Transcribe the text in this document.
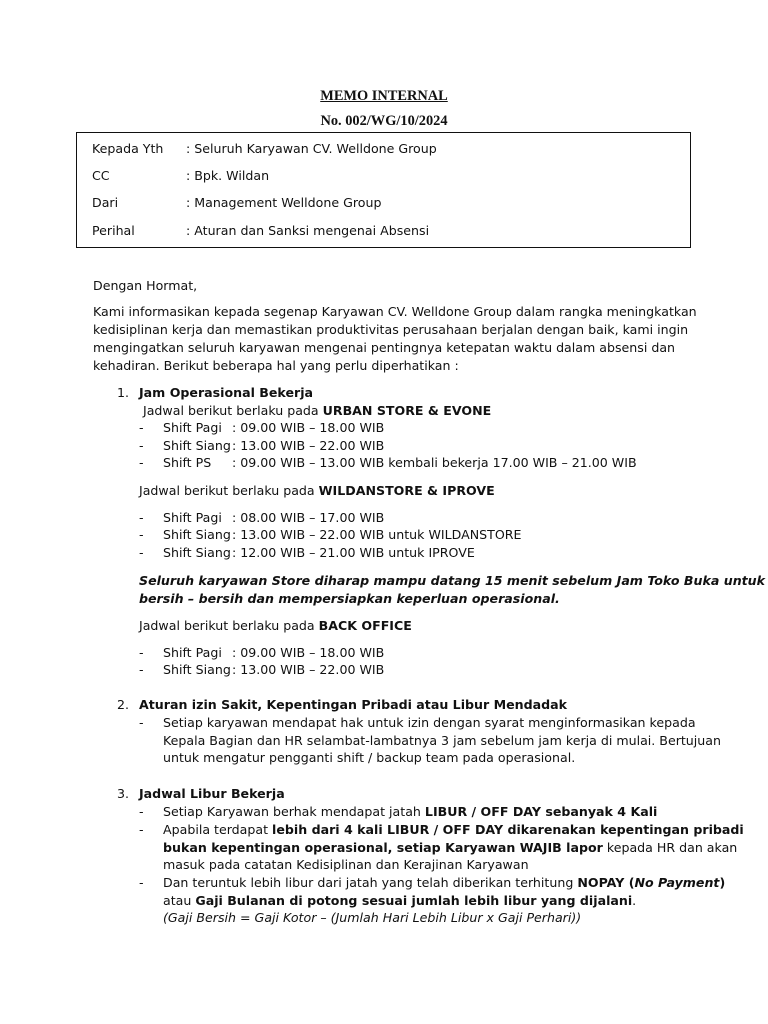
MEMO INTERNAL
No. 002/WG/10/2024
Kepada Yth : Seluruh Karyawan CV. Welldone Group
CC	: Bpk. Wildan
Dari	: Management Welldone Group
Perihal	: Aturan dan Sanksi mengenai Absensi
Dengan Hormat,
Kami informasikan kepada segenap Karyawan CV. Welldone Group dalam rangka meningkatkan
kedisiplinan kerja dan memastikan produktivitas perusahaan berjalan dengan baik, kami ingin
mengingatkan seluruh karyawan mengenai pentingnya ketepatan waktu dalam absensi dan
kehadiran. Berikut beberapa hal yang perlu diperhatikan :
1. Jam Operasional Bekerja
Jadwal berikut berlaku pada URBAN STORE & EVONE
- Shift Pagi : 09.00 WIB – 18.00 WIB
- Shift Siang : 13.00 WIB – 22.00 WIB
- Shift PS : 09.00 WIB – 13.00 WIB kembali bekerja 17.00 WIB – 21.00 WIB
Jadwal berikut berlaku pada WILDANSTORE & IPROVE
- Shift Pagi : 08.00 WIB – 17.00 WIB
- Shift Siang : 13.00 WIB – 22.00 WIB untuk WILDANSTORE
- Shift Siang : 12.00 WIB – 21.00 WIB untuk IPROVE
Seluruh karyawan Store diharap mampu datang 15 menit sebelum Jam Toko Buka untuk
bersih – bersih dan mempersiapkan keperluan operasional.
Jadwal berikut berlaku pada BACK OFFICE
- Shift Pagi : 09.00 WIB – 18.00 WIB
- Shift Siang : 13.00 WIB – 22.00 WIB
2. Aturan izin Sakit, Kepentingan Pribadi atau Libur Mendadak
- Setiap karyawan mendapat hak untuk izin dengan syarat menginformasikan kepada
Kepala Bagian dan HR selambat-lambatnya 3 jam sebelum jam kerja di mulai. Bertujuan
untuk mengatur pengganti shift / backup team pada operasional.
3. Jadwal Libur Bekerja
- Setiap Karyawan berhak mendapat jatah LIBUR / OFF DAY sebanyak 4 Kali
- Apabila terdapat lebih dari 4 kali LIBUR / OFF DAY dikarenakan kepentingan pribadi
bukan kepentingan operasional, setiap Karyawan WAJIB lapor kepada HR dan akan
masuk pada catatan Kedisiplinan dan Kerajinan Karyawan
- Dan teruntuk lebih libur dari jatah yang telah diberikan terhitung NOPAY (No Payment)
atau Gaji Bulanan di potong sesuai jumlah lebih libur yang dijalani.
(Gaji Bersih = Gaji Kotor – (Jumlah Hari Lebih Libur x Gaji Perhari))
